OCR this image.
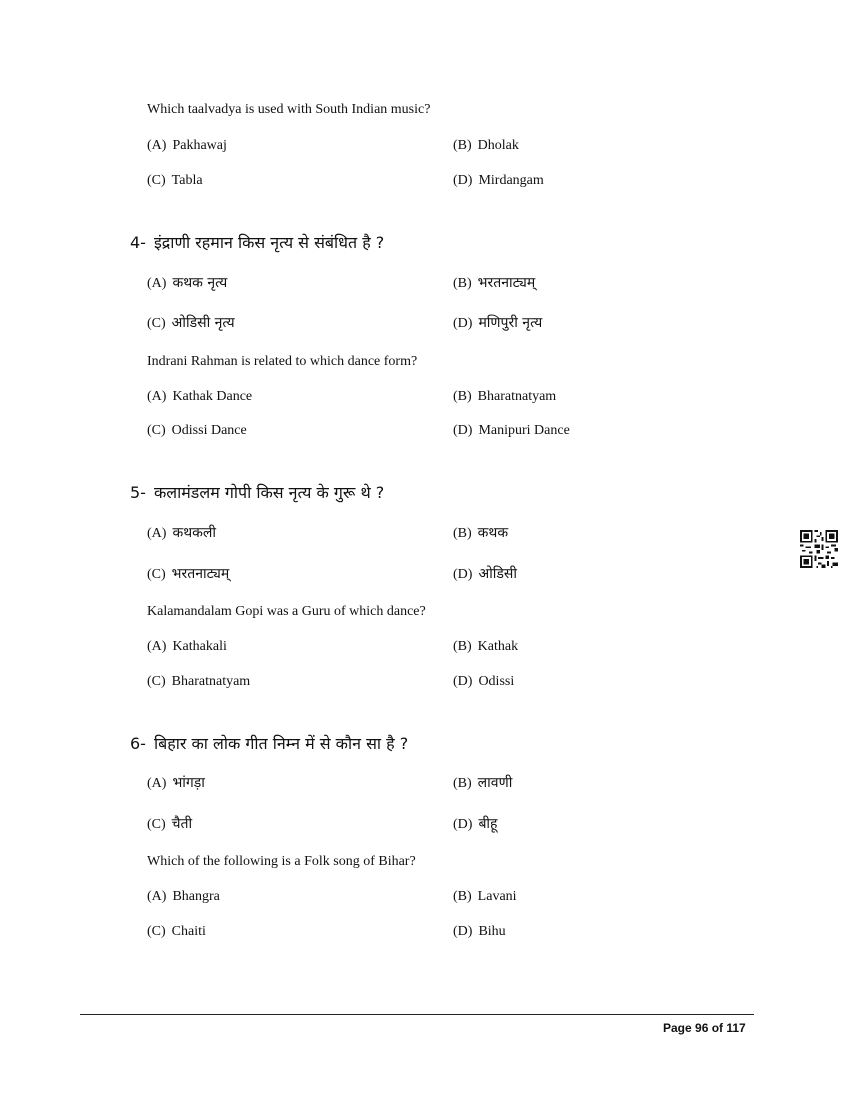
Which taalvadya is used with South Indian music?
(A) Pakhawaj	(B) Dholak
(C) Tabla	(D) Mirdangam
4- इंद्राणी रहमान किस नृत्य से संबंधित है ?
(A) कथक नृत्य	(B) भरतनाट्यम्
(C) ओडिसी नृत्य	(D) मणिपुरी नृत्य
Indrani Rahman is related to which dance form?
(A) Kathak Dance	(B) Bharatnatyam
(C) Odissi Dance	(D) Manipuri Dance
5- कलामंडलम गोपी किस नृत्य के गुरू थे ?
(A) कथकली	(B) कथक
(C) भरतनाट्यम्	(D) ओडिसी
Kalamandalam Gopi was a Guru of which dance?
(A) Kathakali	(B) Kathak
(C) Bharatnatyam	(D) Odissi
6- बिहार का लोक गीत निम्न में से कौन सा है ?
(A) भांगड़ा	(B) लावणी
(C) चैती	(D) बीहू
Which of the following is a Folk song of Bihar?
(A) Bhangra	(B) Lavani
(C) Chaiti	(D) Bihu
Page 96 of 117
